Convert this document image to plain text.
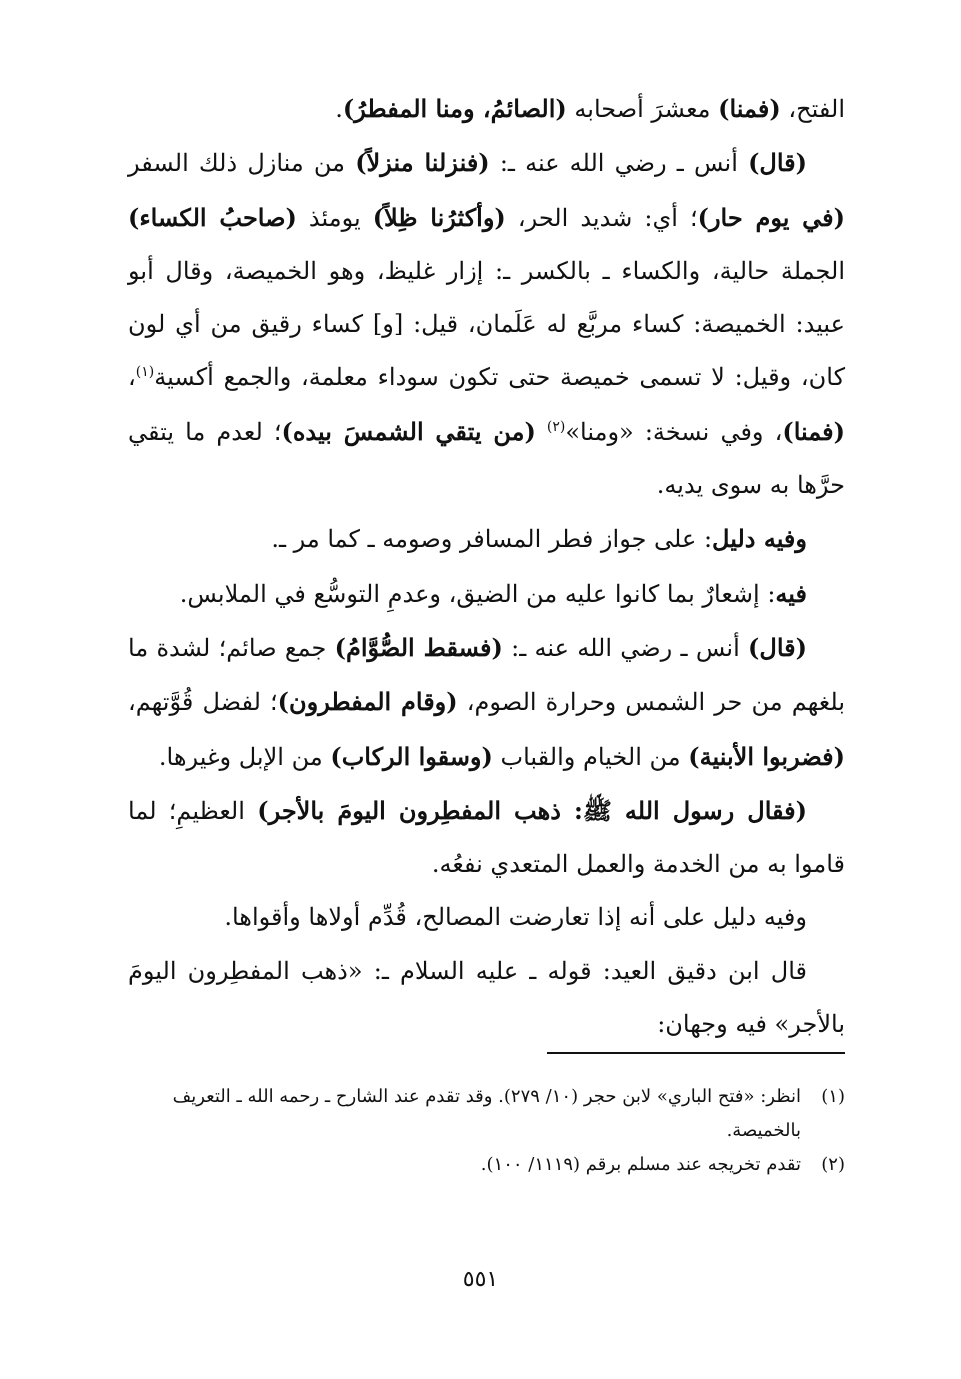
الفتح، (فمنا) معشرَ أصحابه (الصائمُ، ومنا المفطرُ).

(قال) أنس ـ رضي الله عنه ـ: (فنزلنا منزلاً) من منازل ذلك السفر (في يوم حار)؛ أي: شديد الحر، (وأكثرُنا ظِلاً) يومئذ (صاحبُ الكساء) الجملة حالية، والكساء ـ بالكسر ـ: إزار غليظ، وهو الخميصة، وقال أبو عبيد: الخميصة: كساء مربَّع له عَلَمان، قيل: [و] كساء رقيق من أي لون كان، وقيل: لا تسمى خميصة حتى تكون سوداء معلمة، والجمع أكسية$^{(١)}$، (فمنا)، وفي نسخة: «ومنا»$^{(٢)}$ (من يتقي الشمسَ بيده)؛ لعدم ما يتقي حرَّها به سوى يديه.

وفيه دليل: على جواز فطر المسافر وصومه ـ كما مر ـ.

فيه: إشعارٌ بما كانوا عليه من الضيق، وعدمِ التوسُّع في الملابس.

(قال) أنس ـ رضي الله عنه ـ: (فسقط الصُّوَّامُ) جمع صائم؛ لشدة ما بلغهم من حر الشمس وحرارة الصوم، (وقام المفطرون)؛ لفضل قُوَّتهم، (فضربوا الأبنية) من الخيام والقباب (وسقوا الركاب) من الإبل وغيرها.

(فقال رسول الله ﷺ: ذهب المفطِرون اليومَ بالأجر) العظيمِ؛ لما قاموا به من الخدمة والعمل المتعدي نفعُه.

وفيه دليل على أنه إذا تعارضت المصالح، قُدِّم أولاها وأقواها.

قال ابن دقيق العيد: قوله ـ عليه السلام ـ: «ذهب المفطِرون اليومَ بالأجر» فيه وجهان:

(١)
انظر: «فتح الباري» لابن حجر (١٠/ ٢٧٩). وقد تقدم عند الشارح ـ رحمه الله ـ التعريف بالخميصة.
(٢)
تقدم تخريجه عند مسلم برقم (١١١٩/ ١٠٠).
٥٥١
